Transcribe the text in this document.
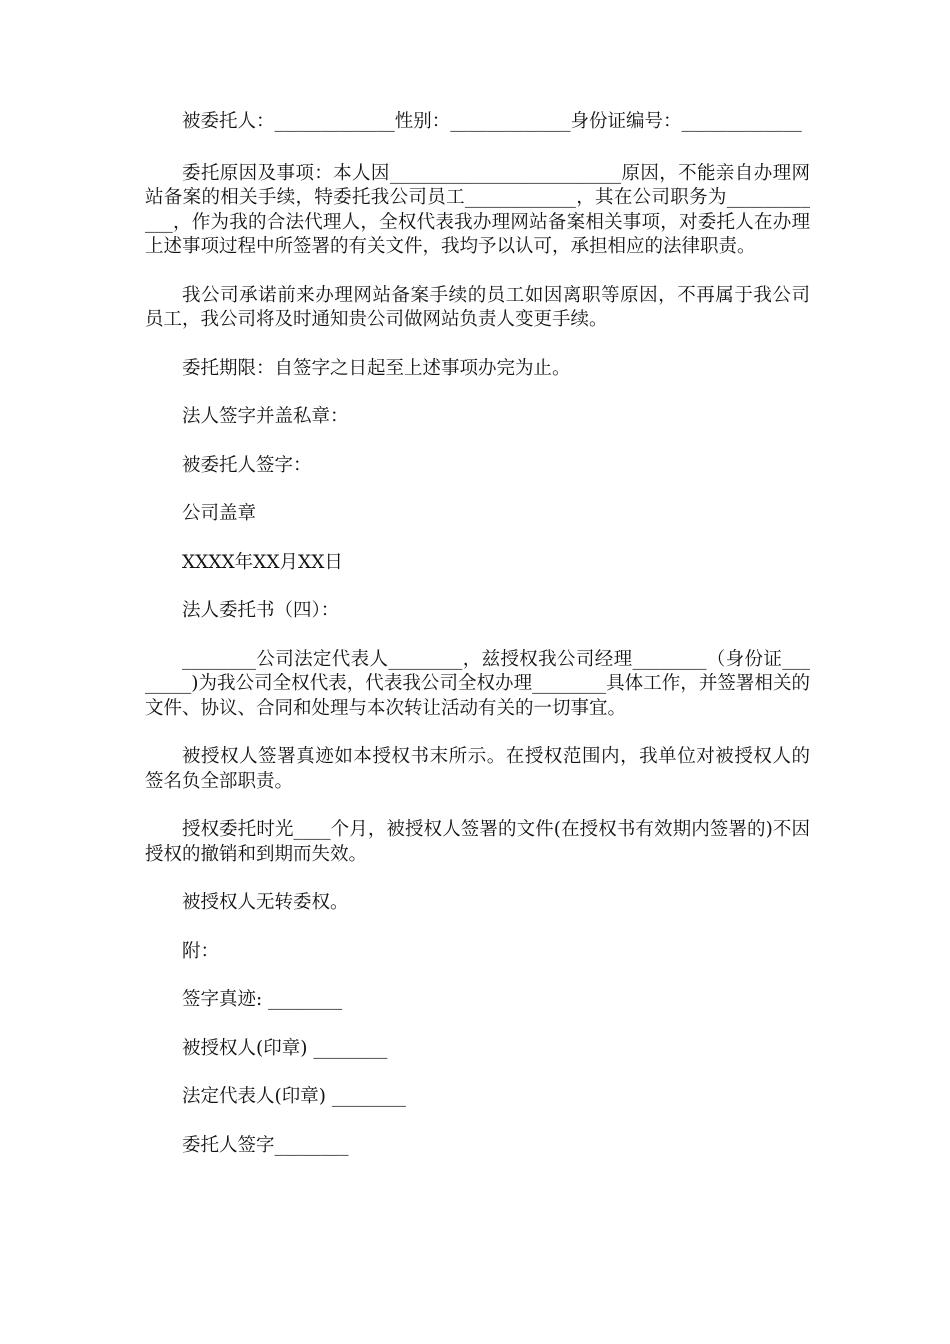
被委托人：_____________性别：_____________身份证编号：_____________

委托原因及事项：本人因_________________________原因，不能亲自办理网站备案的相关手续，特委托我公司员工____________，其在公司职务为____________，作为我的合法代理人，全权代表我办理网站备案相关事项，对委托人在办理上述事项过程中所签署的有关文件，我均予以认可，承担相应的法律职责。

我公司承诺前来办理网站备案手续的员工如因离职等原因，不再属于我公司员工，我公司将及时通知贵公司做网站负责人变更手续。

委托期限：自签字之日起至上述事项办完为止。

法人签字并盖私章：

被委托人签字：

公司盖章

XXXX年XX月XX日

法人委托书（四）：

________公司法定代表人________，兹授权我公司经理________（身份证________)为我公司全权代表，代表我公司全权办理________具体工作，并签署相关的文件、协议、合同和处理与本次转让活动有关的一切事宜。

被授权人签署真迹如本授权书末所示。在授权范围内，我单位对被授权人的签名负全部职责。

授权委托时光____个月，被授权人签署的文件(在授权书有效期内签署的)不因授权的撤销和到期而失效。

被授权人无转委权。

附：

签字真迹: ________

被授权人(印章) ________

法定代表人(印章) ________

委托人签字________
